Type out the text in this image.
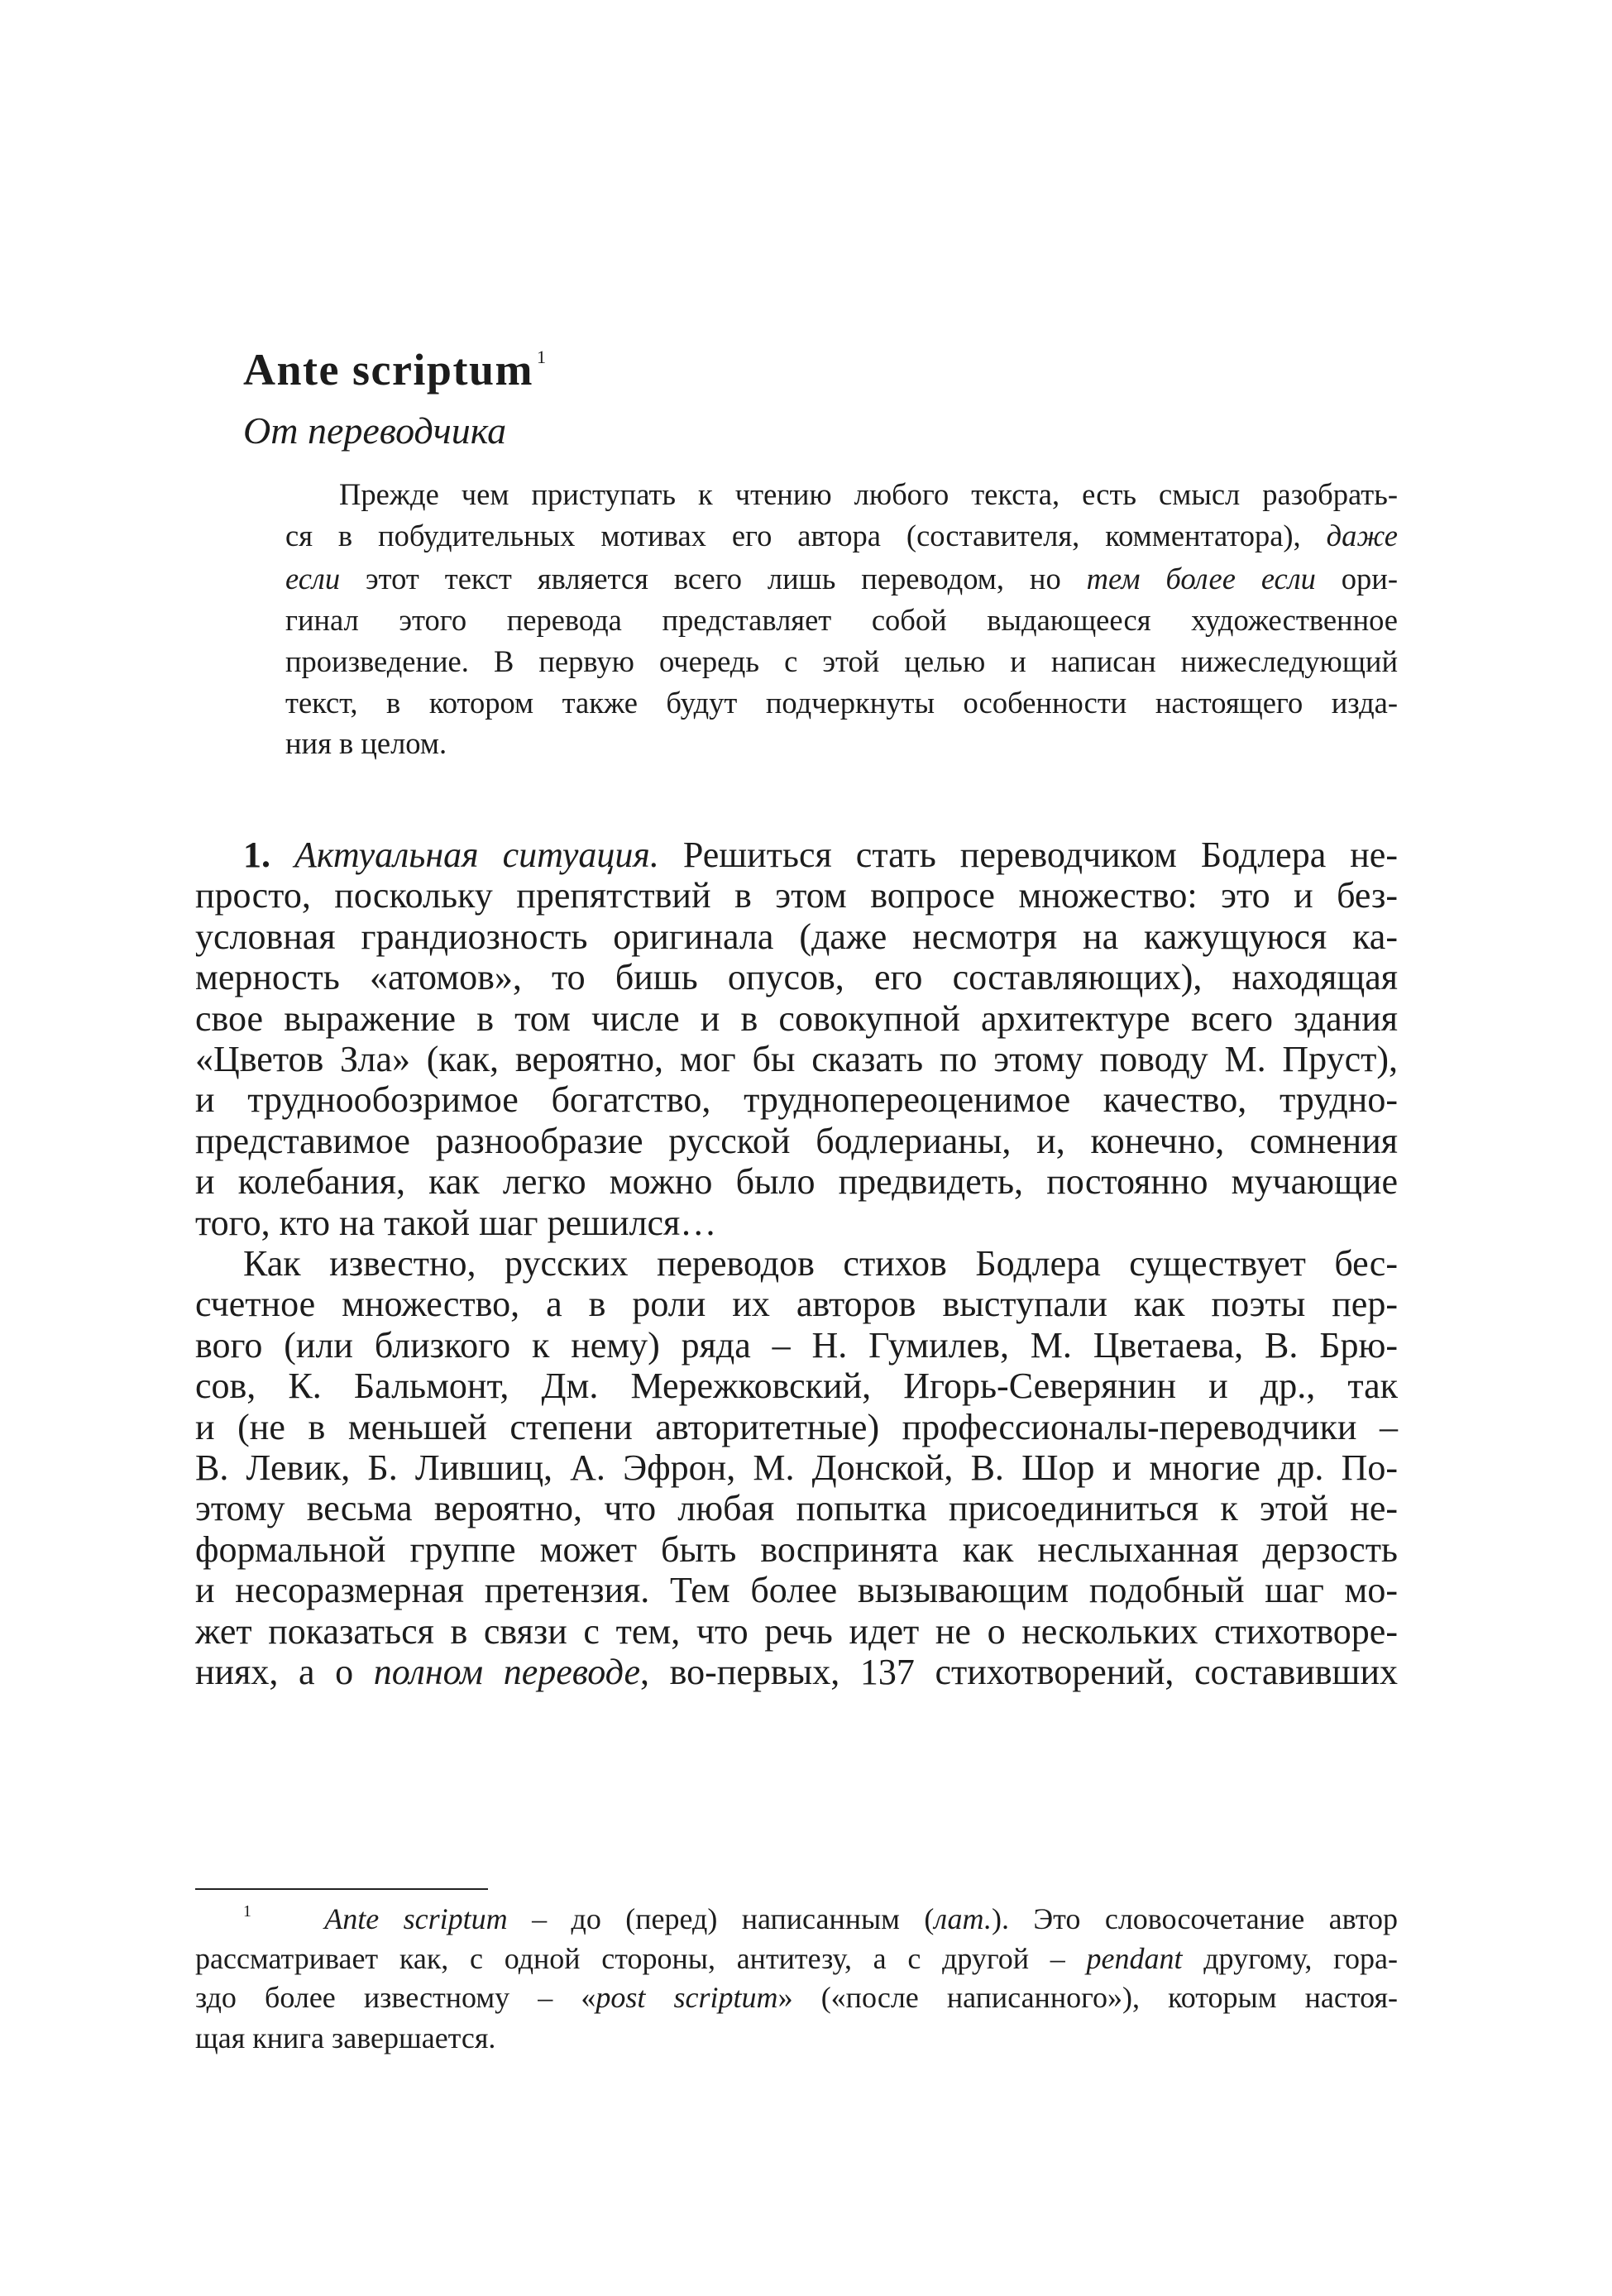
Ante scriptum $^1$
От переводчика
Прежде чем приступать к чтению любого текста, есть смысл разобрать-
ся в побудительных мотивах его автора (составителя, комментатора), даже
если этот текст является всего лишь переводом, но тем более если ори-
гинал этого перевода представляет собой выдающееся художественное
произведение. В первую очередь с этой целью и написан нижеследующий
текст, в котором также будут подчеркнуты особенности настоящего изда-
ния в целом.
1. Актуальная ситуация. Решиться стать переводчиком Бодлера не-
просто, поскольку препятствий в этом вопросе множество: это и без-
условная грандиозность оригинала (даже несмотря на кажущуюся ка-
мерность «атомов», то бишь опусов, его составляющих), находящая
свое выражение в том числе и в совокупной архитектуре всего здания
«Цветов Зла» (как, вероятно, мог бы сказать по этому поводу М. Пруст),
и труднообозримое богатство, труднопереоценимое качество, трудно-
представимое разнообразие русской бодлерианы, и, конечно, сомнения
и колебания, как легко можно было предвидеть, постоянно мучающие
того, кто на такой шаг решился…
Как известно, русских переводов стихов Бодлера существует бес-
счетное множество, а в роли их авторов выступали как поэты пер-
вого (или близкого к нему) ряда – Н. Гумилев, М. Цветаева, В. Брю-
сов, К. Бальмонт, Дм. Мережковский, Игорь-Северянин и др., так
и (не в меньшей степени авторитетные) профессионалы-переводчики –
В. Левик, Б. Лившиц, А. Эфрон, М. Донской, В. Шор и многие др. По-
этому весьма вероятно, что любая попытка присоединиться к этой не-
формальной группе может быть воспринята как неслыханная дерзость
и несоразмерная претензия. Тем более вызывающим подобный шаг мо-
жет показаться в связи с тем, что речь идет не о нескольких стихотворе-
ниях, а о полном переводе, во-первых, 137 стихотворений, составивших
$^1$ Ante scriptum – до (перед) написанным (лат.). Это словосочетание автор
рассматривает как, с одной стороны, антитезу, а с другой – pendant другому, гора-
здо более известному – «post scriptum» («после написанного»), которым настоя-
щая книга завершается.
